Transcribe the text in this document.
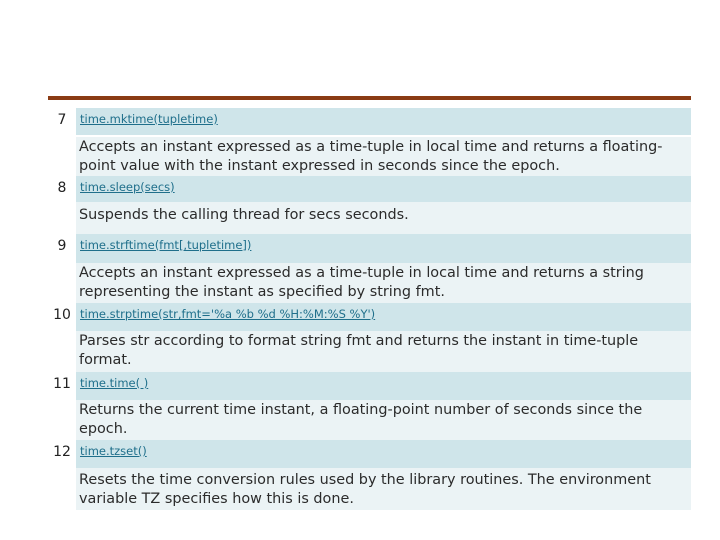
7	time.mktime(tupletime)
Accepts an instant expressed as a time-tuple in local time and returns a floating-point value with the instant expressed in seconds since the epoch.
8	time.sleep(secs)
Suspends the calling thread for secs seconds.
9	time.strftime(fmt[,tupletime])
Accepts an instant expressed as a time-tuple in local time and returns a string representing the instant as specified by string fmt.
10 time.strptime(str,fmt='%a %b %d %H:%M:%S %Y')
Parses str according to format string fmt and returns the instant in time-tuple format.
11 time.time( )
Returns the current time instant, a floating-point number of seconds since the epoch.
12 time.tzset()
Resets the time conversion rules used by the library routines. The environment variable TZ specifies how this is done.
